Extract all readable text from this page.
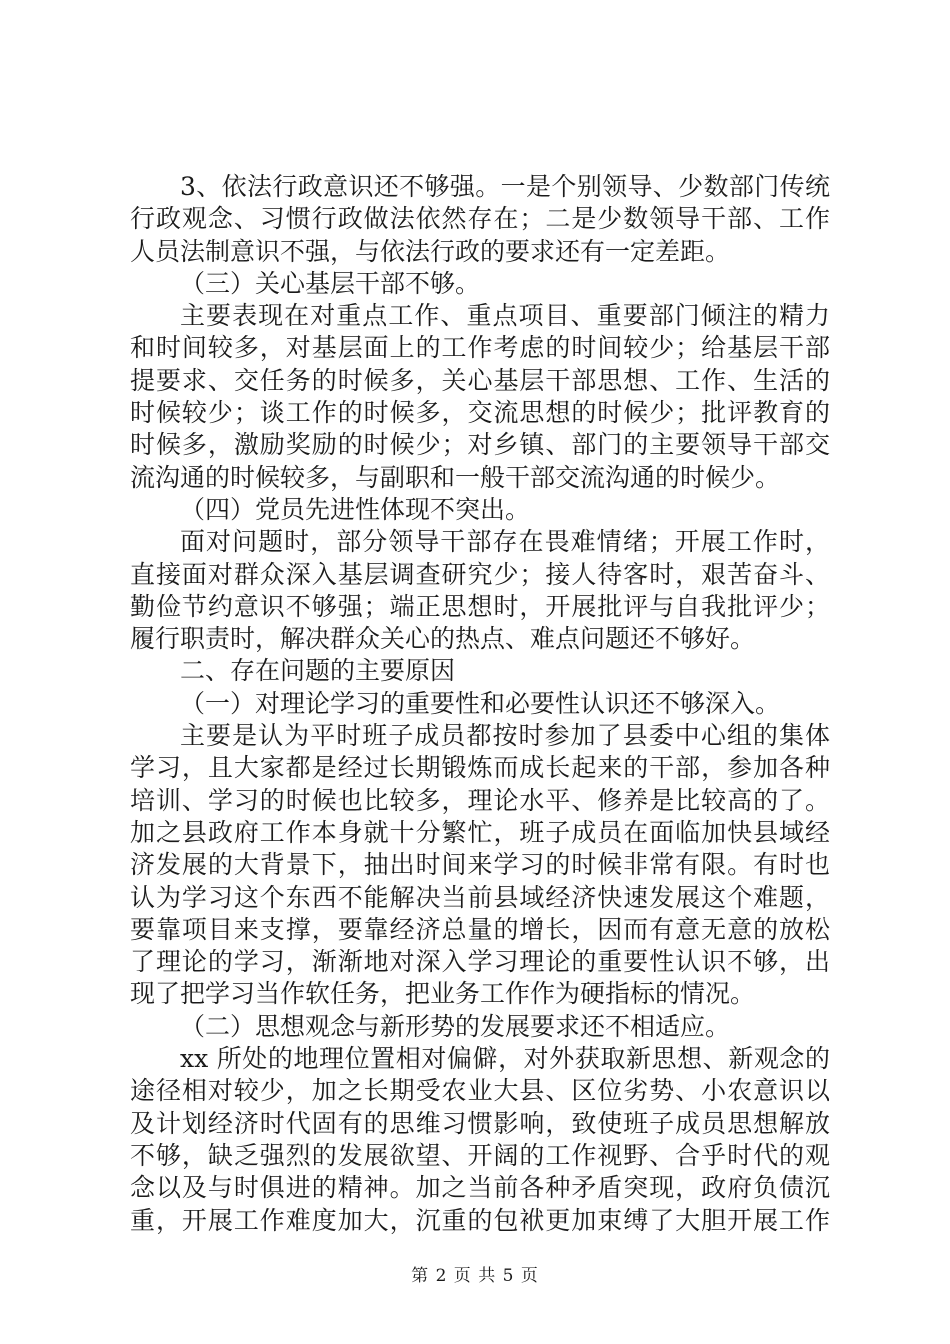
3、依法行政意识还不够强。一是个别领导、少数部门传统
行政观念、习惯行政做法依然存在；二是少数领导干部、工作
人员法制意识不强，与依法行政的要求还有一定差距。
（三）关心基层干部不够。
主要表现在对重点工作、重点项目、重要部门倾注的精力
和时间较多，对基层面上的工作考虑的时间较少；给基层干部
提要求、交任务的时候多，关心基层干部思想、工作、生活的
时候较少；谈工作的时候多，交流思想的时候少；批评教育的
时候多，激励奖励的时候少；对乡镇、部门的主要领导干部交
流沟通的时候较多，与副职和一般干部交流沟通的时候少。
（四）党员先进性体现不突出。
面对问题时，部分领导干部存在畏难情绪；开展工作时，
直接面对群众深入基层调查研究少；接人待客时，艰苦奋斗、
勤俭节约意识不够强；端正思想时，开展批评与自我批评少；
履行职责时，解决群众关心的热点、难点问题还不够好。
二、存在问题的主要原因
（一）对理论学习的重要性和必要性认识还不够深入。
主要是认为平时班子成员都按时参加了县委中心组的集体
学习，且大家都是经过长期锻炼而成长起来的干部，参加各种
培训、学习的时候也比较多，理论水平、修养是比较高的了。
加之县政府工作本身就十分繁忙，班子成员在面临加快县域经
济发展的大背景下，抽出时间来学习的时候非常有限。有时也
认为学习这个东西不能解决当前县域经济快速发展这个难题，
要靠项目来支撑，要靠经济总量的增长，因而有意无意的放松
了理论的学习，渐渐地对深入学习理论的重要性认识不够，出
现了把学习当作软任务，把业务工作作为硬指标的情况。
（二）思想观念与新形势的发展要求还不相适应。
xx 所处的地理位置相对偏僻，对外获取新思想、新观念的
途径相对较少，加之长期受农业大县、区位劣势、小农意识以
及计划经济时代固有的思维习惯影响，致使班子成员思想解放
不够，缺乏强烈的发展欲望、开阔的工作视野、合乎时代的观
念以及与时俱进的精神。加之当前各种矛盾突现，政府负债沉
重，开展工作难度加大，沉重的包袱更加束缚了大胆开展工作
第 2 页 共 5 页
